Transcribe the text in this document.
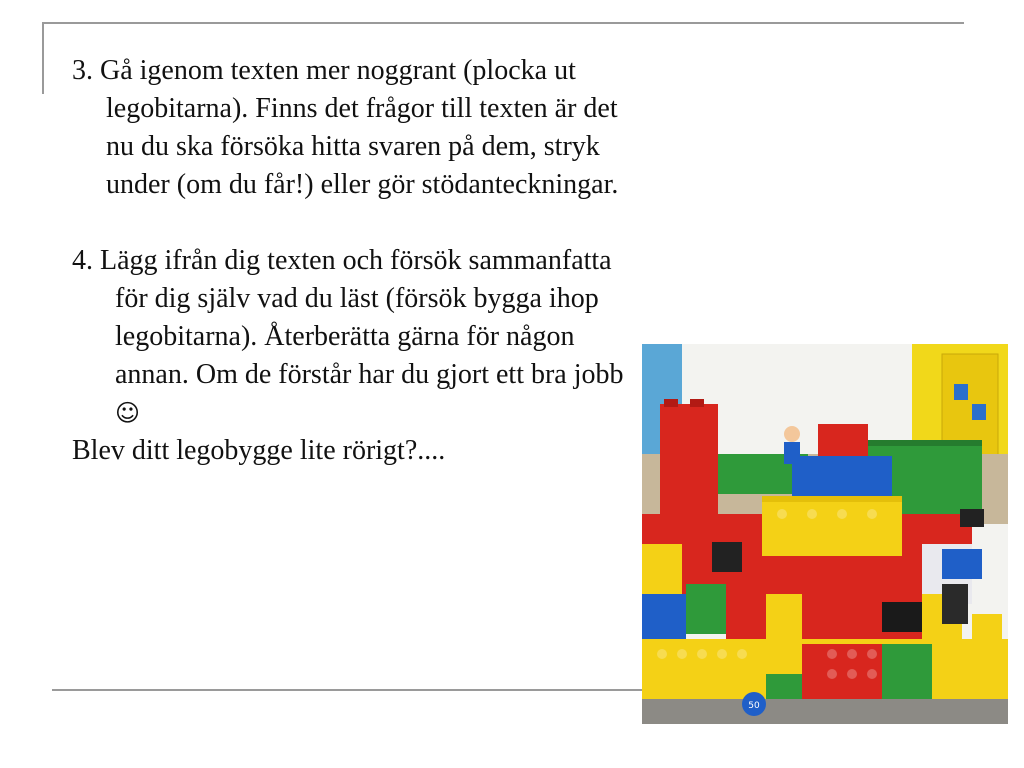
3. Gå igenom texten mer noggrant (plocka ut legobitarna). Finns det frågor till texten är det nu du ska försöka hitta svaren på dem, stryk under (om du får!) eller gör stödanteckningar.

4. Lägg ifrån dig texten och försök sammanfatta för dig själv vad du läst (försök bygga ihop legobitarna). Återberätta gärna för någon annan. Om de förstår har du gjort ett bra jobb ☺

Blev ditt legobygge lite rörigt?....

50
